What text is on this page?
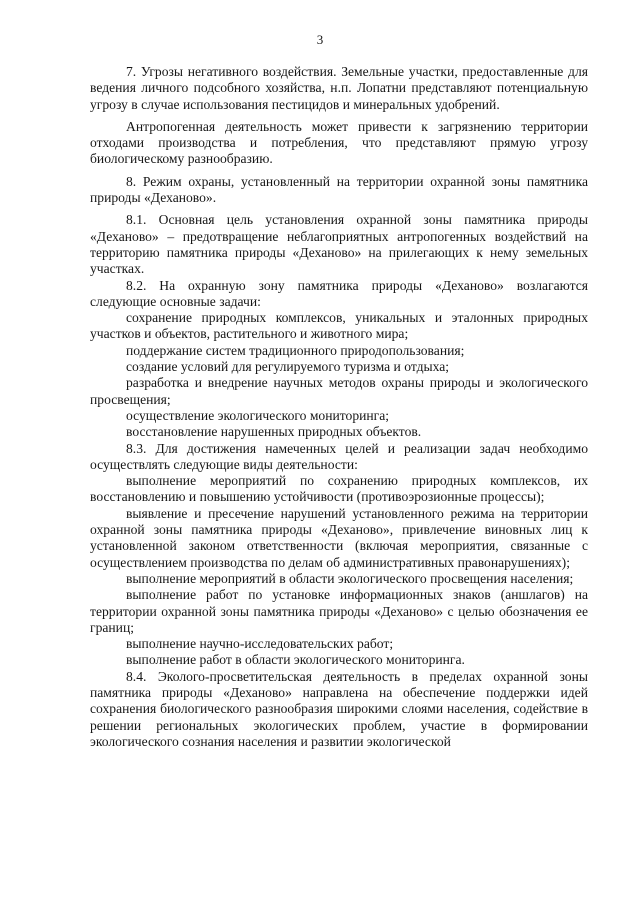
3

7. Угрозы негативного воздействия. Земельные участки, предоставленные для ведения личного подсобного хозяйства, н.п. Лопатни представляют потенциальную угрозу в случае использования пестицидов и минеральных удобрений.

Антропогенная деятельность может привести к загрязнению территории отходами производства и потребления, что представляют прямую угрозу биологическому разнообразию.

8. Режим охраны, установленный на территории охранной зоны памятника природы «Деханово».

8.1. Основная цель установления охранной зоны памятника природы «Деханово» – предотвращение неблагоприятных антропогенных воздействий на территорию памятника природы «Деханово» на прилегающих к нему земельных участках.

8.2. На охранную зону памятника природы «Деханово» возлагаются следующие основные задачи:

сохранение природных комплексов, уникальных и эталонных природных участков и объектов, растительного и животного мира;

поддержание систем традиционного природопользования;

создание условий для регулируемого туризма и отдыха;

разработка и внедрение научных методов охраны природы и экологического просвещения;

осуществление экологического мониторинга;

восстановление нарушенных природных объектов.

8.3. Для достижения намеченных целей и реализации задач необходимо осуществлять следующие виды деятельности:

выполнение мероприятий по сохранению природных комплексов, их восстановлению и повышению устойчивости (противоэрозионные процессы);

выявление и пресечение нарушений установленного режима на территории охранной зоны памятника природы «Деханово», привлечение виновных лиц к установленной законом ответственности (включая мероприятия, связанные с осуществлением производства по делам об административных правонарушениях);

выполнение мероприятий в области экологического просвещения населения;

выполнение работ по установке информационных знаков (аншлагов) на территории охранной зоны памятника природы «Деханово» с целью обозначения ее границ;

выполнение научно-исследовательских работ;

выполнение работ в области экологического мониторинга.

8.4. Эколого-просветительская деятельность в пределах охранной зоны памятника природы «Деханово» направлена на обеспечение поддержки идей сохранения биологического разнообразия широкими слоями населения, содействие в решении региональных экологических проблем, участие в формировании экологического сознания населения и развитии экологической
